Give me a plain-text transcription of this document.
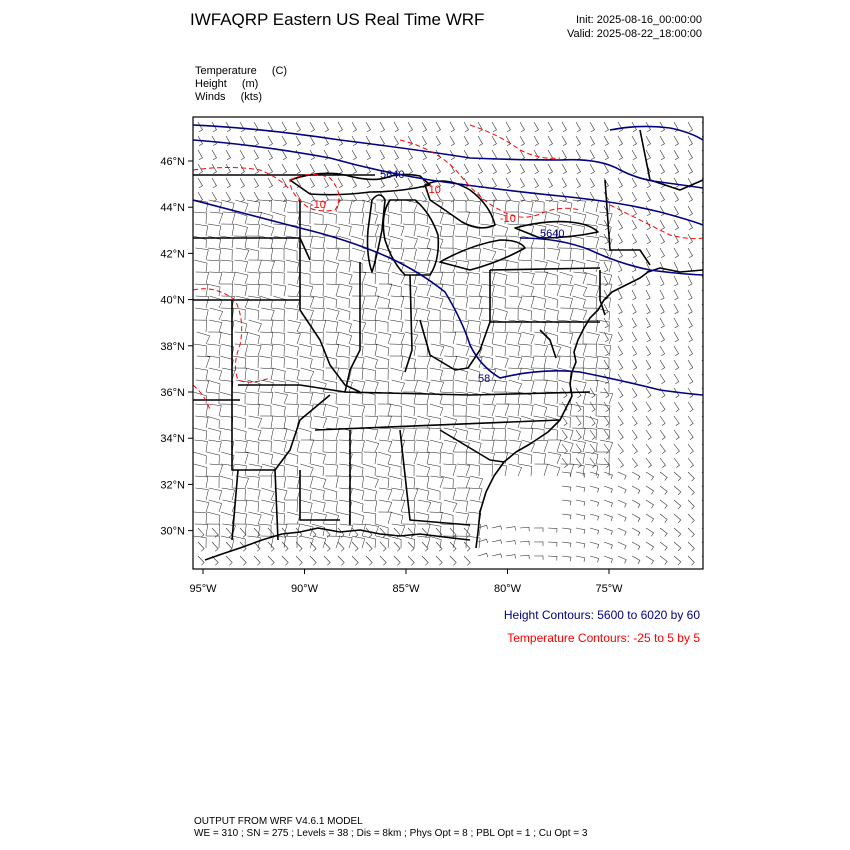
IWFAQRP Eastern US Real Time WRF	Init: 2025-08-16_00:00:00
Valid: 2025-08-22_18:00:00
Temperature (C)
Height (m)
Winds (kts)
5640
5640
58
-10
-10
-10
46°N
44°N
42°N
40°N
38°N
36°N
34°N
32°N
30°N
95°W	90°W	85°W	80°W	75°W
Height Contours: 5600 to 6020 by 60
Temperature Contours: -25 to 5 by 5
OUTPUT FROM WRF V4.6.1 MODEL
WE = 310 ; SN = 275 ; Levels = 38 ; Dis = 8km ; Phys Opt = 8 ; PBL Opt = 1 ; Cu Opt = 3
